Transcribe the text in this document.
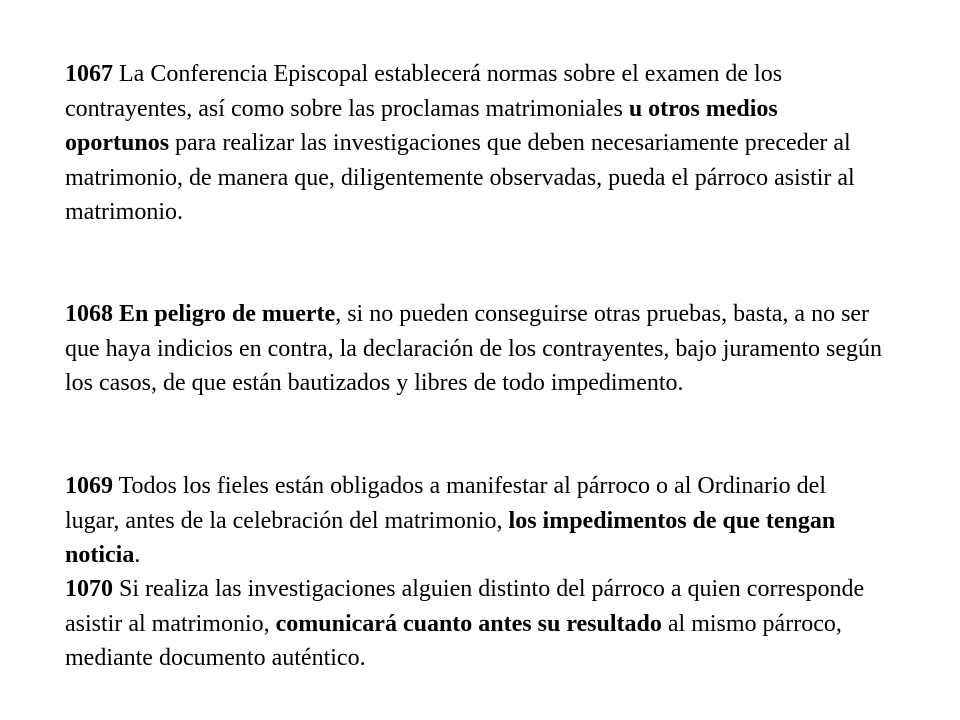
1067 La Conferencia Episcopal establecerá normas sobre el examen de los contrayentes, así como sobre las proclamas matrimoniales u otros medios oportunos para realizar las investigaciones que deben necesariamente preceder al matrimonio, de manera que, diligentemente observadas, pueda el párroco asistir al matrimonio.

1068 En peligro de muerte, si no pueden conseguirse otras pruebas, basta, a no ser que haya indicios en contra, la declaración de los contrayentes, bajo juramento según los casos, de que están bautizados y libres de todo impedimento.

1069 Todos los fieles están obligados a manifestar al párroco o al Ordinario del lugar, antes de la celebración del matrimonio, los impedimentos de que tengan noticia.

1070 Si realiza las investigaciones alguien distinto del párroco a quien corresponde asistir al matrimonio, comunicará cuanto antes su resultado al mismo párroco, mediante documento auténtico.
